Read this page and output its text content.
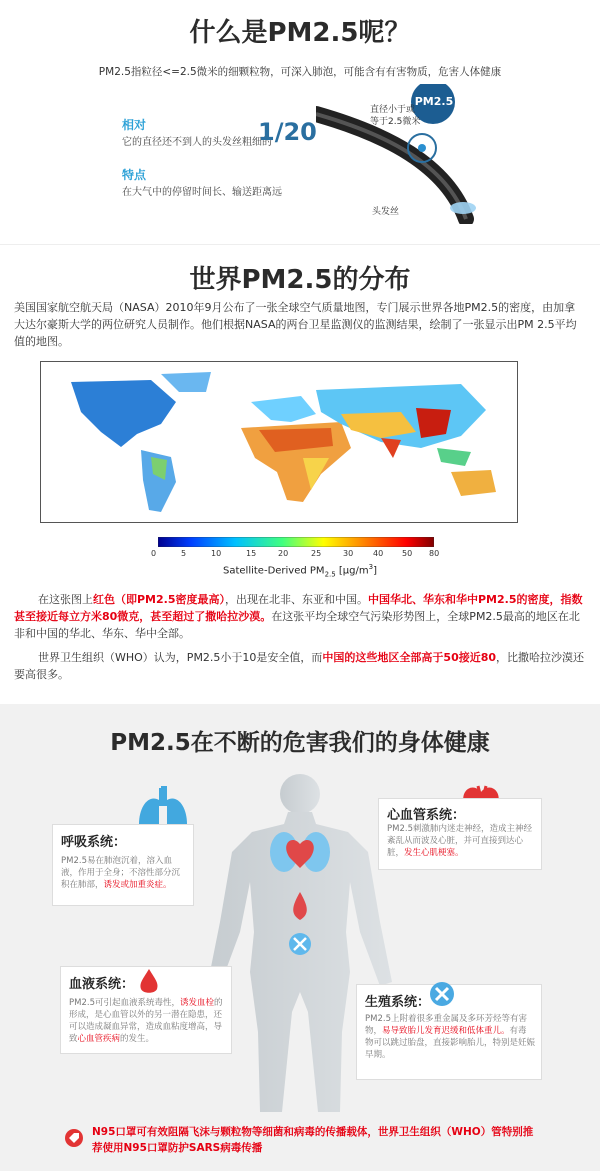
什么是PM2.5呢？
PM2.5指粒径<=2.5微米的细颗粒物，可深入肺泡，可能含有有害物质，危害人体健康
相对
它的直径还不到人的头发丝粗细的
1/20
特点
在大气中的停留时间长、输送距离远
PM2.5
直径小于或
等于2.5微米
头发丝
世界PM2.5的分布
美国国家航空航天局（NASA）2010年9月公布了一张全球空气质量地图，专门展示世界各地PM2.5的密度，由加拿大达尔豪斯大学的两位研究人员制作。他们根据NASA的两台卫星监测仪的监测结果，绘制了一张显示出PM 2.5平均值的地图。
0	5	10	15	20	25	30 40 50 80
Satellite-Derived $PM_{2.5}$ $[\mu g/m^3]$
在这张图上红色（即PM2.5密度最高），出现在北非、东亚和中国。中国华北、华东和华中PM2.5的密度，指数甚至接近每立方米80微克，甚至超过了撒哈拉沙漠。在这张平均全球空气污染形势图上，全球PM2.5最高的地区在北非和中国的华北、华东、华中全部。
世界卫生组织（WHO）认为，PM2.5小于10是安全值，而中国的这些地区全部高于50接近80，比撒哈拉沙漠还要高很多。
PM2.5在不断的危害我们的身体健康
呼吸系统：
PM2.5易在肺泡沉着，溶入血液，作用于全身；不溶性部分沉积在肺部，诱发或加重炎症。
心血管系统：
PM2.5刺激肺内迷走神经，造成主神经紊乱从而波及心脏，并可直接到达心脏，发生心肌梗塞。
血液系统：
PM2.5可引起血液系统毒性，诱发血栓的形成，是心血管以外的另一潜在隐患，还可以造成凝血异常，造成血粘度增高，导致心血管疾病的发生。
生殖系统：
PM2.5上附着很多重金属及多环芳烃等有害物，易导致胎儿发育迟缓和低体重儿。有毒物可以跳过胎盘，直接影响胎儿，特别是妊娠早期。
N95口罩可有效阻隔飞沫与颗粒物等细菌和病毒的传播载体，世界卫生组织（WHO）管特别推荐使用N95口罩防护SARS病毒传播
